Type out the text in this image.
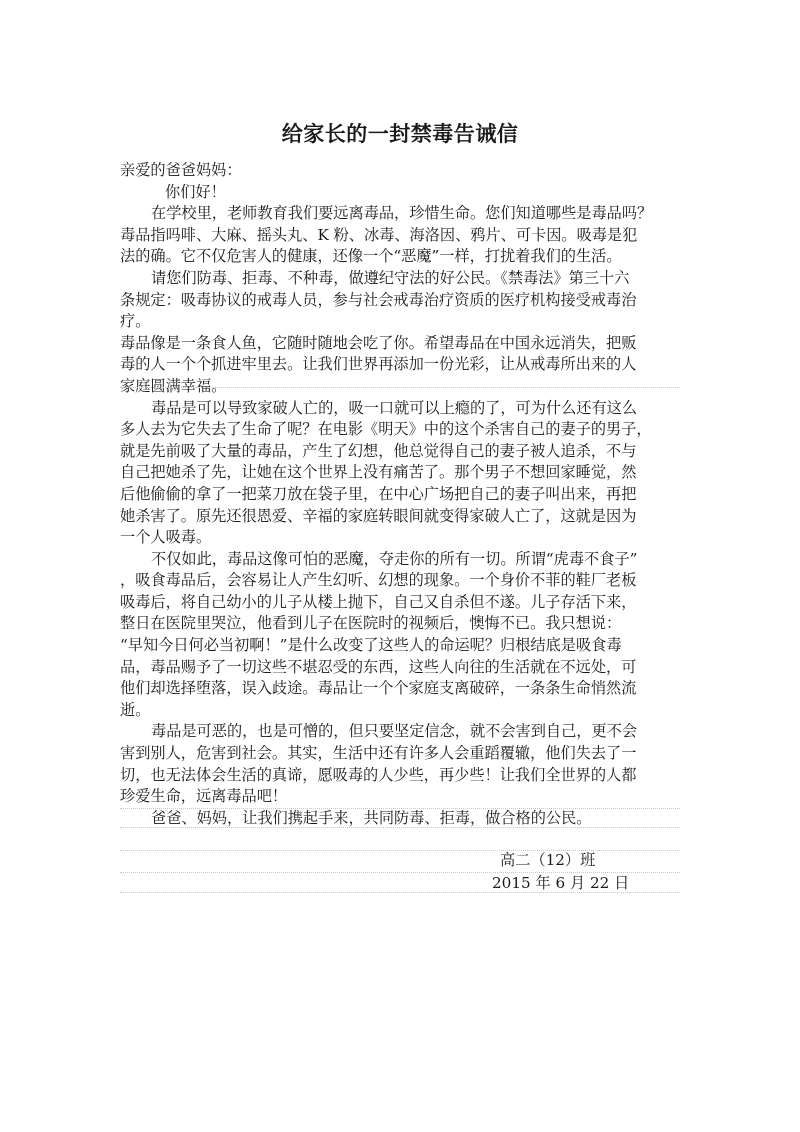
给家长的一封禁毒告诫信
亲爱的爸爸妈妈：
你们好！
在学校里，老师教育我们要远离毒品，珍惜生命。您们知道哪些是毒品吗？
毒品指吗啡、大麻、摇头丸、K 粉、冰毒、海洛因、鸦片、可卡因。吸毒是犯
法的确。它不仅危害人的健康，还像一个“恶魔”一样，打扰着我们的生活。
请您们防毒、拒毒、不种毒，做遵纪守法的好公民。《禁毒法》第三十六
条规定：吸毒协议的戒毒人员，参与社会戒毒治疗资质的医疗机构接受戒毒治
疗。
毒品像是一条食人鱼，它随时随地会吃了你。希望毒品在中国永远消失，把贩
毒的人一个个抓进牢里去。让我们世界再添加一份光彩，让从戒毒所出来的人
家庭圆满幸福。
毒品是可以导致家破人亡的，吸一口就可以上瘾的了，可为什么还有这么
多人去为它失去了生命了呢？在电影《明天》中的这个杀害自己的妻子的男子，
就是先前吸了大量的毒品，产生了幻想，他总觉得自己的妻子被人追杀，不与
自己把她杀了先，让她在这个世界上没有痛苦了。那个男子不想回家睡觉，然
后他偷偷的拿了一把菜刀放在袋子里，在中心广场把自己的妻子叫出来，再把
她杀害了。原先还很恩爱、辛福的家庭转眼间就变得家破人亡了，这就是因为
一个人吸毒。
不仅如此，毒品这像可怕的恶魔，夺走你的所有一切。所谓“虎毒不食子”
，吸食毒品后，会容易让人产生幻听、幻想的现象。一个身价不菲的鞋厂老板
吸毒后，将自己幼小的儿子从楼上抛下，自己又自杀但不遂。儿子存活下来，
整日在医院里哭泣，他看到儿子在医院时的视频后，懊悔不已。我只想说：
“早知今日何必当初啊！”是什么改变了这些人的命运呢？归根结底是吸食毒
品，毒品赐予了一切这些不堪忍受的东西，这些人向往的生活就在不远处，可
他们却选择堕落，误入歧途。毒品让一个个家庭支离破碎，一条条生命悄然流
逝。
毒品是可恶的，也是可憎的，但只要坚定信念，就不会害到自己，更不会
害到别人，危害到社会。其实，生活中还有许多人会重蹈覆辙，他们失去了一
切，也无法体会生活的真谛，愿吸毒的人少些，再少些！让我们全世界的人都
珍爱生命，远离毒品吧！
爸爸、妈妈，让我们携起手来，共同防毒、拒毒，做合格的公民。
高二（12）班
2015 年 6 月 22 日
